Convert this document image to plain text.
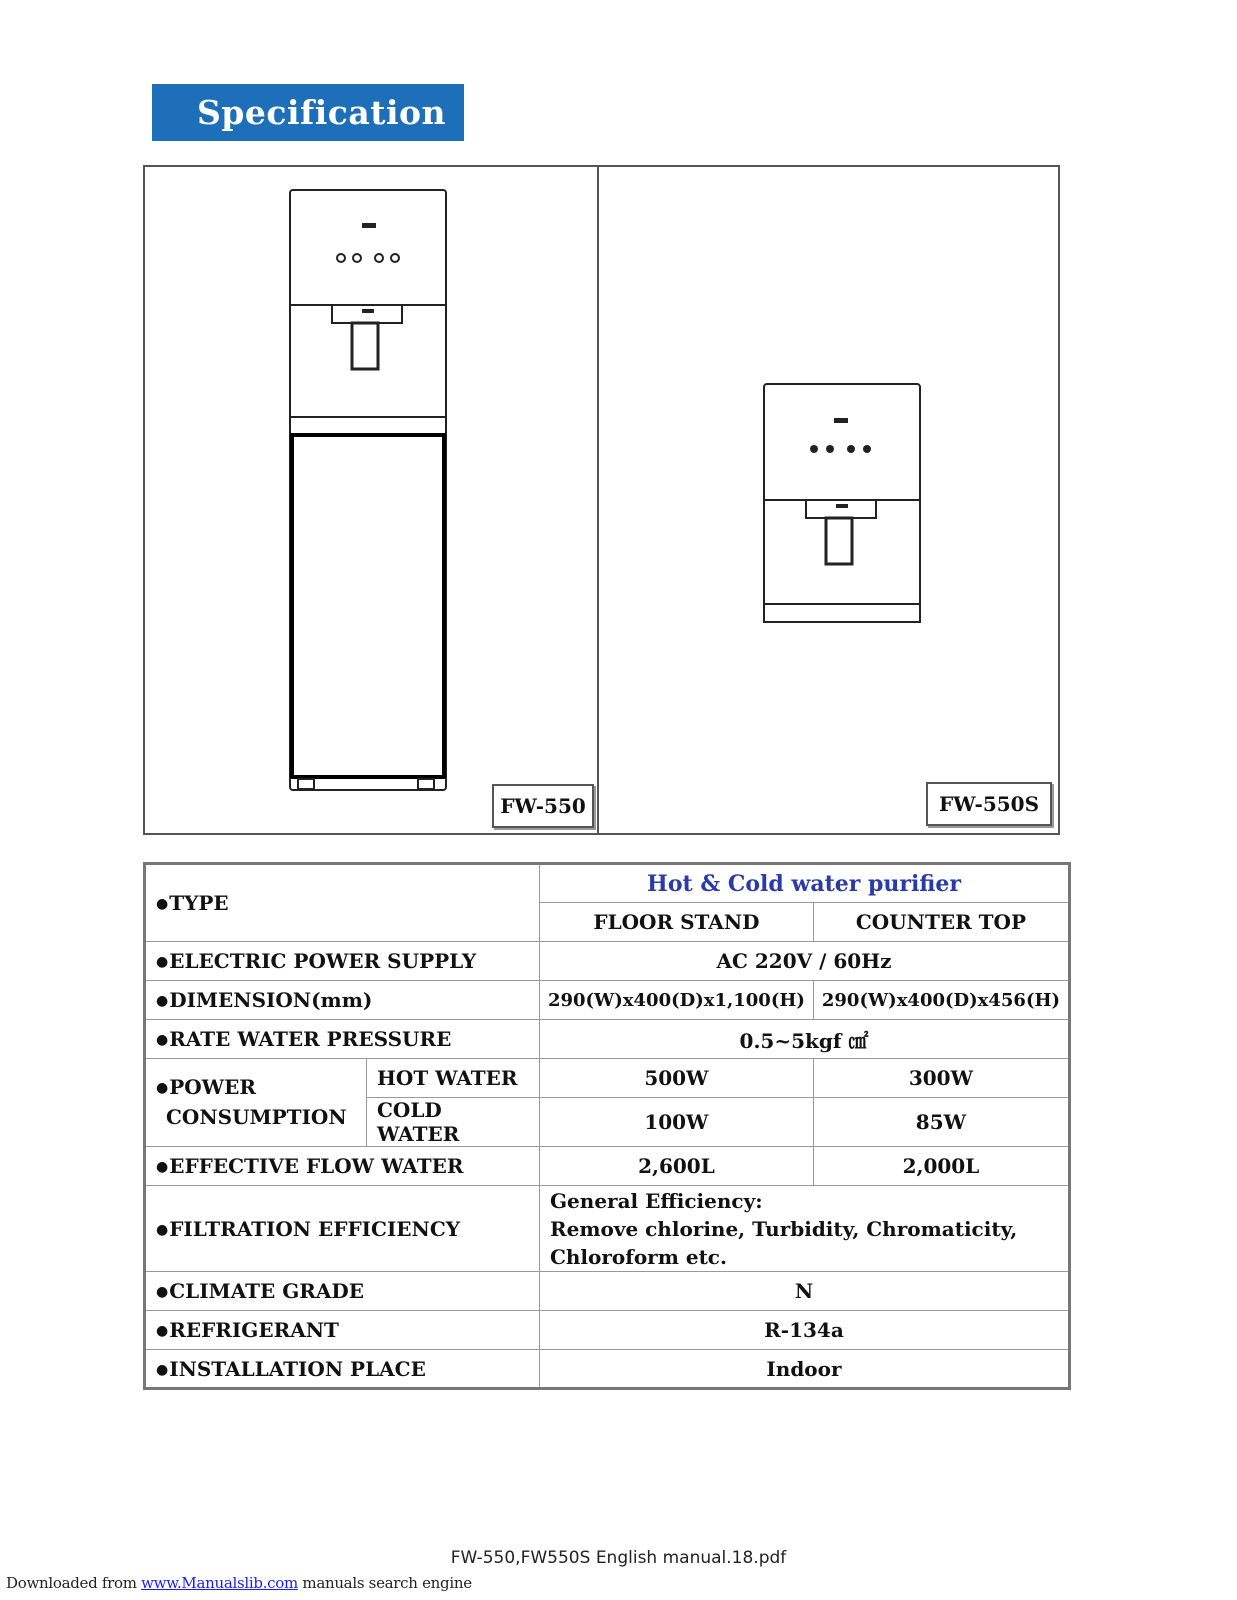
Specification
FW-550	FW-550S
●TYPE		Hot & Cold water purifier	
		FLOOR STAND	COUNTER TOP
●ELECTRIC POWER SUPPLY		AC 220V / 60Hz	
●DIMENSION(mm)		290(W)x400(D)x1,100(H)	290(W)x400(D)x456(H)
●RATE WATER PRESSURE		0.5~5kgf ㎠	
●POWER
CONSUMPTION	HOT WATER	500W	300W
	COLD WATER	100W	85W
●EFFECTIVE FLOW WATER		2,600L	2,000L
●FILTRATION EFFICIENCY		General Efficiency:
Remove chlorine, Turbidity, Chromaticity,
Chloroform etc.	
●CLIMATE GRADE		N	
●REFRIGERANT		R-134a	
●INSTALLATION PLACE		Indoor	
FW-550,FW550S English manual.18.pdf
Downloaded from www.Manualslib.com manuals search engine
